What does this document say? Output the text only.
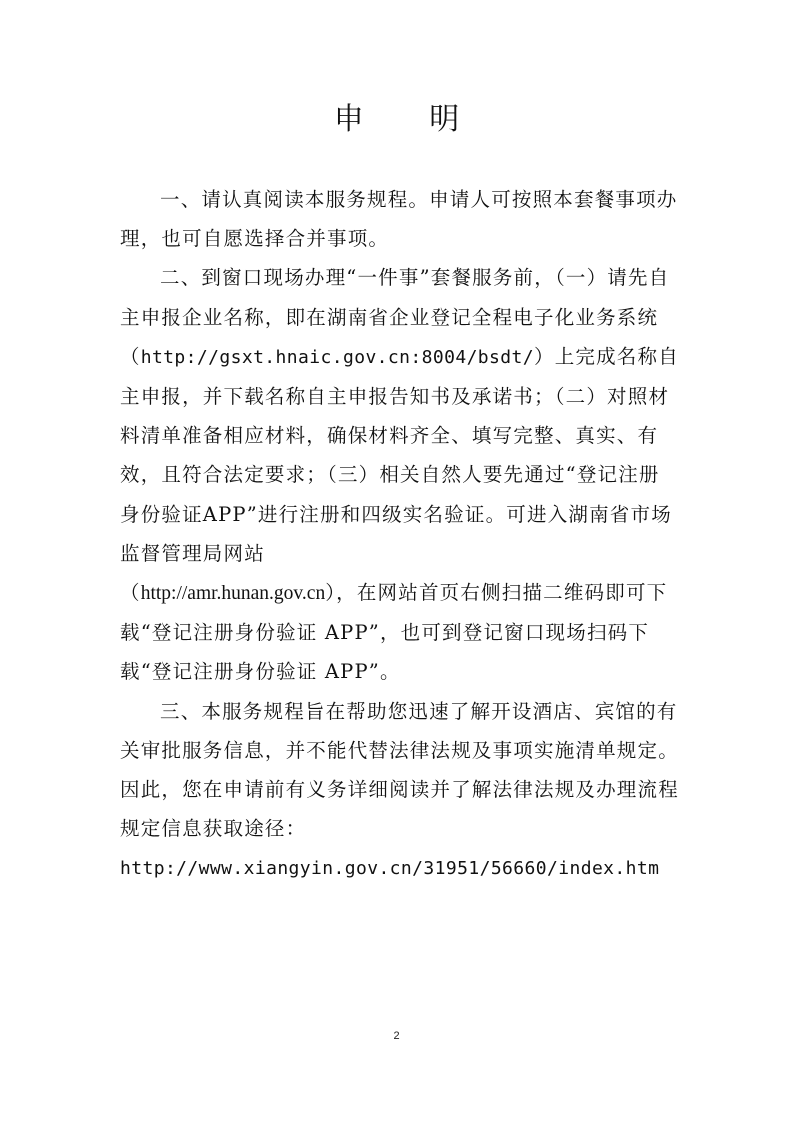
申 明

一、请认真阅读本服务规程。申请人可按照本套餐事项办理，也可自愿选择合并事项。

二、到窗口现场办理“一件事”套餐服务前，（一）请先自主申报企业名称，即在湖南省企业登记全程电子化业务系统（http://gsxt.hnaic.gov.cn:8004/bsdt/）上完成名称自主申报，并下载名称自主申报告知书及承诺书；（二）对照材料清单准备相应材料，确保材料齐全、填写完整、真实、有效，且符合法定要求；（三）相关自然人要先通过“登记注册身份验证APP”进行注册和四级实名验证。可进入湖南省市场监督管理局网站
（http://amr.hunan.gov.cn），在网站首页右侧扫描二维码即可下载“登记注册身份验证 APP”，也可到登记窗口现场扫码下载“登记注册身份验证 APP”。

三、本服务规程旨在帮助您迅速了解开设酒店、宾馆的有关审批服务信息，并不能代替法律法规及事项实施清单规定。因此，您在申请前有义务详细阅读并了解法律法规及办理流程规定信息获取途径：

http://www.xiangyin.gov.cn/31951/56660/index.htm

2
